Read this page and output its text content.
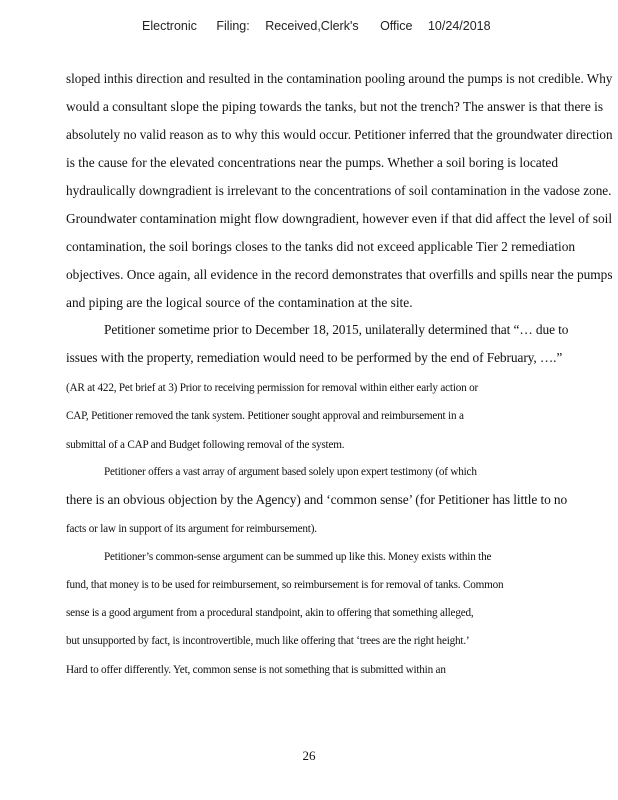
Electronic Filing: Received,Clerk's Office 10/24/2018
sloped inthis direction and resulted in the contamination pooling around the pumps is not credible. Why
would a consultant slope the piping towards the tanks, but not the trench? The answer is that there is
absolutely no valid reason as to why this would occur. Petitioner inferred that the groundwater direction
is the cause for the elevated concentrations near the pumps. Whether a soil boring is located
hydraulically downgradient is irrelevant to the concentrations of soil contamination in the vadose zone.
Groundwater contamination might flow downgradient, however even if that did affect the level of soil
contamination, the soil borings closes to the tanks did not exceed applicable Tier 2 remediation
objectives. Once again, all evidence in the record demonstrates that overfills and spills near the pumps
and piping are the logical source of the contamination at the site.
Petitioner sometime prior to December 18, 2015, unilaterally determined that “… due to
issues with the property, remediation would need to be performed by the end of February, ….”
(AR at 422, Pet brief at 3) Prior to receiving permission for removal within either early action or
CAP, Petitioner removed the tank system. Petitioner sought approval and reimbursement in a
submittal of a CAP and Budget following removal of the system.
Petitioner offers a vast array of argument based solely upon expert testimony (of which
there is an obvious objection by the Agency) and ‘common sense’ (for Petitioner has little to no
facts or law in support of its argument for reimbursement).
Petitioner’s common-sense argument can be summed up like this. Money exists within the
fund, that money is to be used for reimbursement, so reimbursement is for removal of tanks. Common
sense is a good argument from a procedural standpoint, akin to offering that something alleged,
but unsupported by fact, is incontrovertible, much like offering that ‘trees are the right height.’
Hard to offer differently. Yet, common sense is not something that is submitted within an
26
